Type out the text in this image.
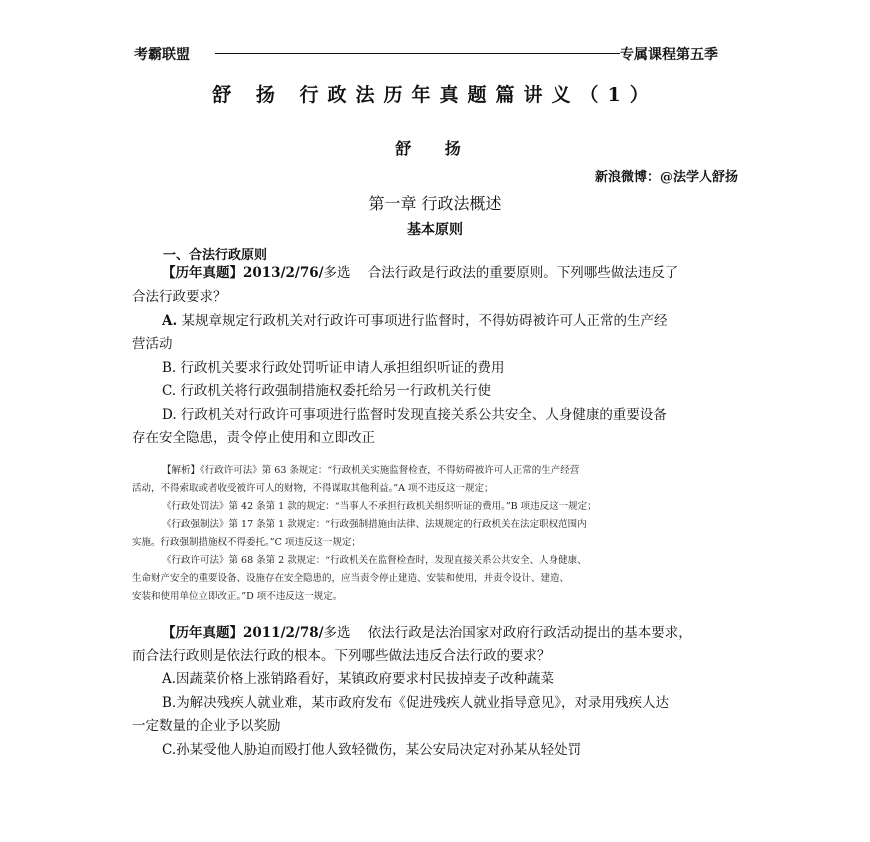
考霸联盟	专属课程第五季
舒 扬 行政法历年真题篇讲义（1）
舒 扬
新浪微博：@法学人舒扬
第一章 行政法概述
基本原则
一、合法行政原则
【历年真题】2013/2/76/多选 合法行政是行政法的重要原则。下列哪些做法违反了
合法行政要求？
A. 某规章规定行政机关对行政许可事项进行监督时，不得妨碍被许可人正常的生产经
营活动
B. 行政机关要求行政处罚听证申请人承担组织听证的费用
C. 行政机关将行政强制措施权委托给另一行政机关行使
D. 行政机关对行政许可事项进行监督时发现直接关系公共安全、人身健康的重要设备
存在安全隐患，责令停止使用和立即改正
【解析】《行政许可法》第 63 条规定：“行政机关实施监督检查，不得妨碍被许可人正常的生产经营
活动，不得索取或者收受被许可人的财物，不得谋取其他利益。”A 项不违反这一规定；
《行政处罚法》第 42 条第 1 款的规定：“当事人不承担行政机关组织听证的费用。”B 项违反这一规定；
《行政强制法》第 17 条第 1 款规定：“行政强制措施由法律、法规规定的行政机关在法定职权范围内
实施。行政强制措施权不得委托。”C 项违反这一规定；
《行政许可法》第 68 条第 2 款规定：“行政机关在监督检查时，发现直接关系公共安全、人身健康、
生命财产安全的重要设备、设施存在安全隐患的，应当责令停止建造、安装和使用，并责令设计、建造、
安装和使用单位立即改正。”D 项不违反这一规定。
【历年真题】2011/2/78/多选 依法行政是法治国家对政府行政活动提出的基本要求，
而合法行政则是依法行政的根本。下列哪些做法违反合法行政的要求？
A.因蔬菜价格上涨销路看好，某镇政府要求村民拔掉麦子改种蔬菜
B.为解决残疾人就业难，某市政府发布《促进残疾人就业指导意见》，对录用残疾人达
一定数量的企业予以奖励
C.孙某受他人胁迫而殴打他人致轻微伤，某公安局决定对孙某从轻处罚
